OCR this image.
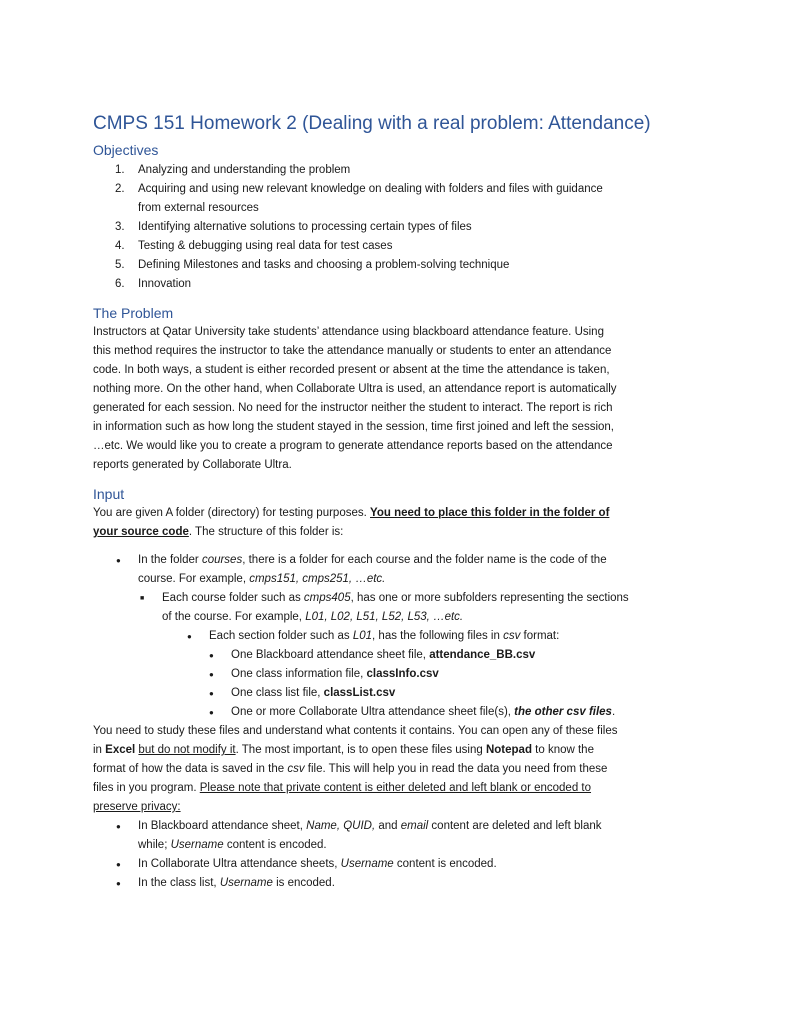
CMPS 151 Homework 2 (Dealing with a real problem: Attendance)
Objectives
1. Analyzing and understanding the problem
2. Acquiring and using new relevant knowledge on dealing with folders and files with guidance
from external resources
3. Identifying alternative solutions to processing certain types of files
4. Testing & debugging using real data for test cases
5. Defining Milestones and tasks and choosing a problem-solving technique
6. Innovation
The Problem
Instructors at Qatar University take students’ attendance using blackboard attendance feature. Using
this method requires the instructor to take the attendance manually or students to enter an attendance
code. In both ways, a student is either recorded present or absent at the time the attendance is taken,
nothing more. On the other hand, when Collaborate Ultra is used, an attendance report is automatically
generated for each session. No need for the instructor neither the student to interact. The report is rich
in information such as how long the student stayed in the session, time first joined and left the session,
…etc. We would like you to create a program to generate attendance reports based on the attendance
reports generated by Collaborate Ultra.
Input
You are given A folder (directory) for testing purposes. You need to place this folder in the folder of
your source code. The structure of this folder is:
● In the folder courses, there is a folder for each course and the folder name is the code of the
course. For example, cmps151, cmps251, …etc.
■ Each course folder such as cmps405, has one or more subfolders representing the sections
of the course. For example, L01, L02, L51, L52, L53, …etc.
● Each section folder such as L01, has the following files in csv format:
● One Blackboard attendance sheet file, attendance_BB.csv
● One class information file, classInfo.csv
● One class list file, classList.csv
● One or more Collaborate Ultra attendance sheet file(s), the other csv files.
You need to study these files and understand what contents it contains. You can open any of these files
in Excel but do not modify it. The most important, is to open these files using Notepad to know the
format of how the data is saved in the csv file. This will help you in read the data you need from these
files in you program. Please note that private content is either deleted and left blank or encoded to
preserve privacy:
● In Blackboard attendance sheet, Name, QUID, and email content are deleted and left blank
while; Username content is encoded.
● In Collaborate Ultra attendance sheets, Username content is encoded.
● In the class list, Username is encoded.
